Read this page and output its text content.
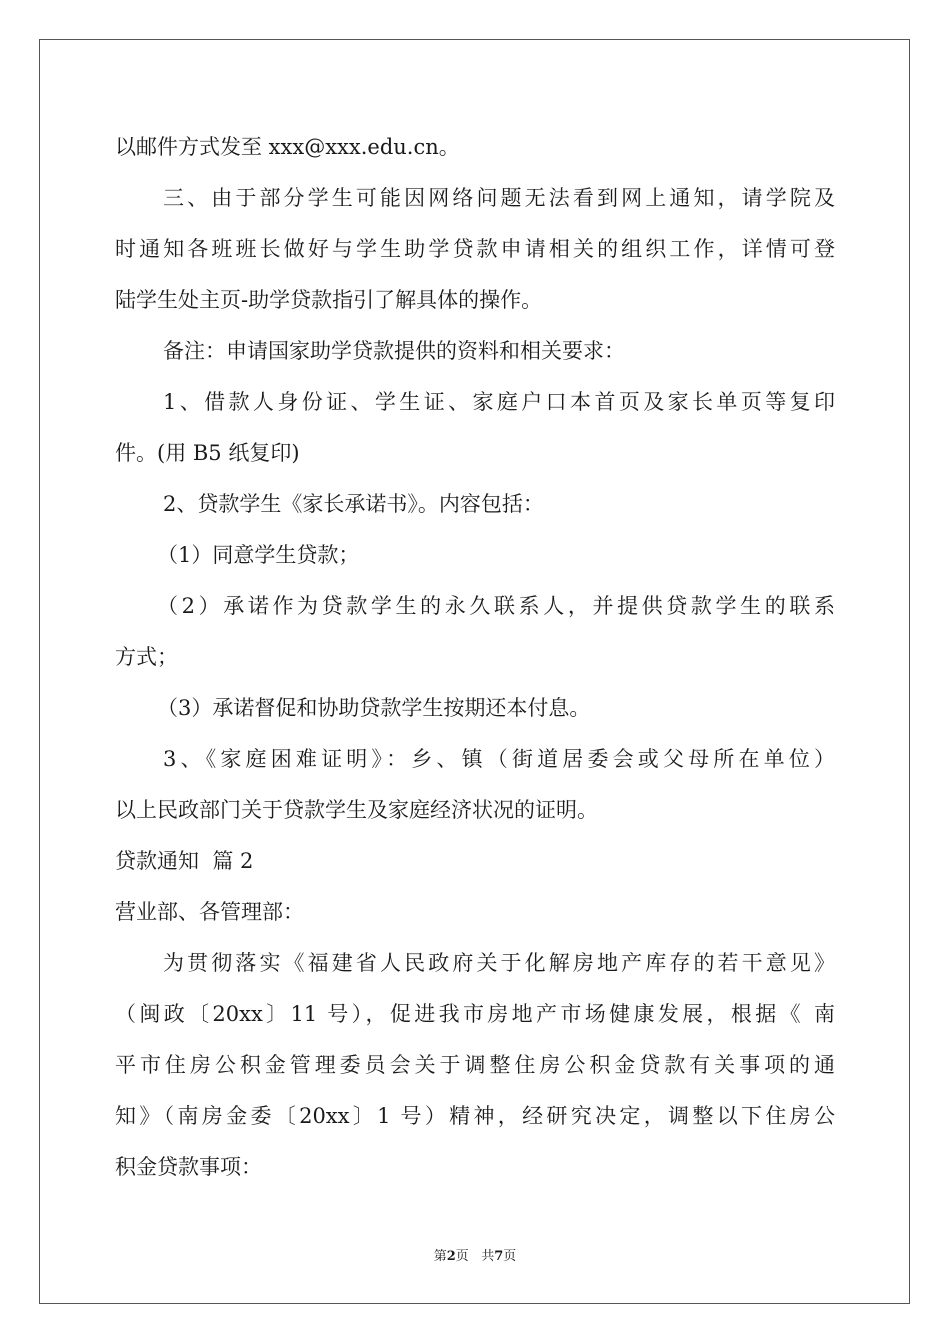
以邮件方式发至 xxx@xxx.edu.cn。
三、由于部分学生可能因网络问题无法看到网上通知，请学院及
时通知各班班长做好与学生助学贷款申请相关的组织工作，详情可登
陆学生处主页-助学贷款指引了解具体的操作。
备注：申请国家助学贷款提供的资料和相关要求：
1、借款人身份证、学生证、家庭户口本首页及家长单页等复印
件。(用 B5 纸复印)
2、贷款学生《家长承诺书》。内容包括：
（1）同意学生贷款；
（2）承诺作为贷款学生的永久联系人，并提供贷款学生的联系
方式；
（3）承诺督促和协助贷款学生按期还本付息。
3、《家庭困难证明》：乡、镇（街道居委会或父母所在单位）
以上民政部门关于贷款学生及家庭经济状况的证明。
贷款通知  篇 2
营业部、各管理部：
为贯彻落实《福建省人民政府关于化解房地产库存的若干意见》
（闽政〔20xx〕11 号），促进我市房地产市场健康发展，根据《 南
平市住房公积金管理委员会关于调整住房公积金贷款有关事项的通
知》（南房金委〔20xx〕1 号）精神，经研究决定，调整以下住房公
积金贷款事项：
第2页   共7页
